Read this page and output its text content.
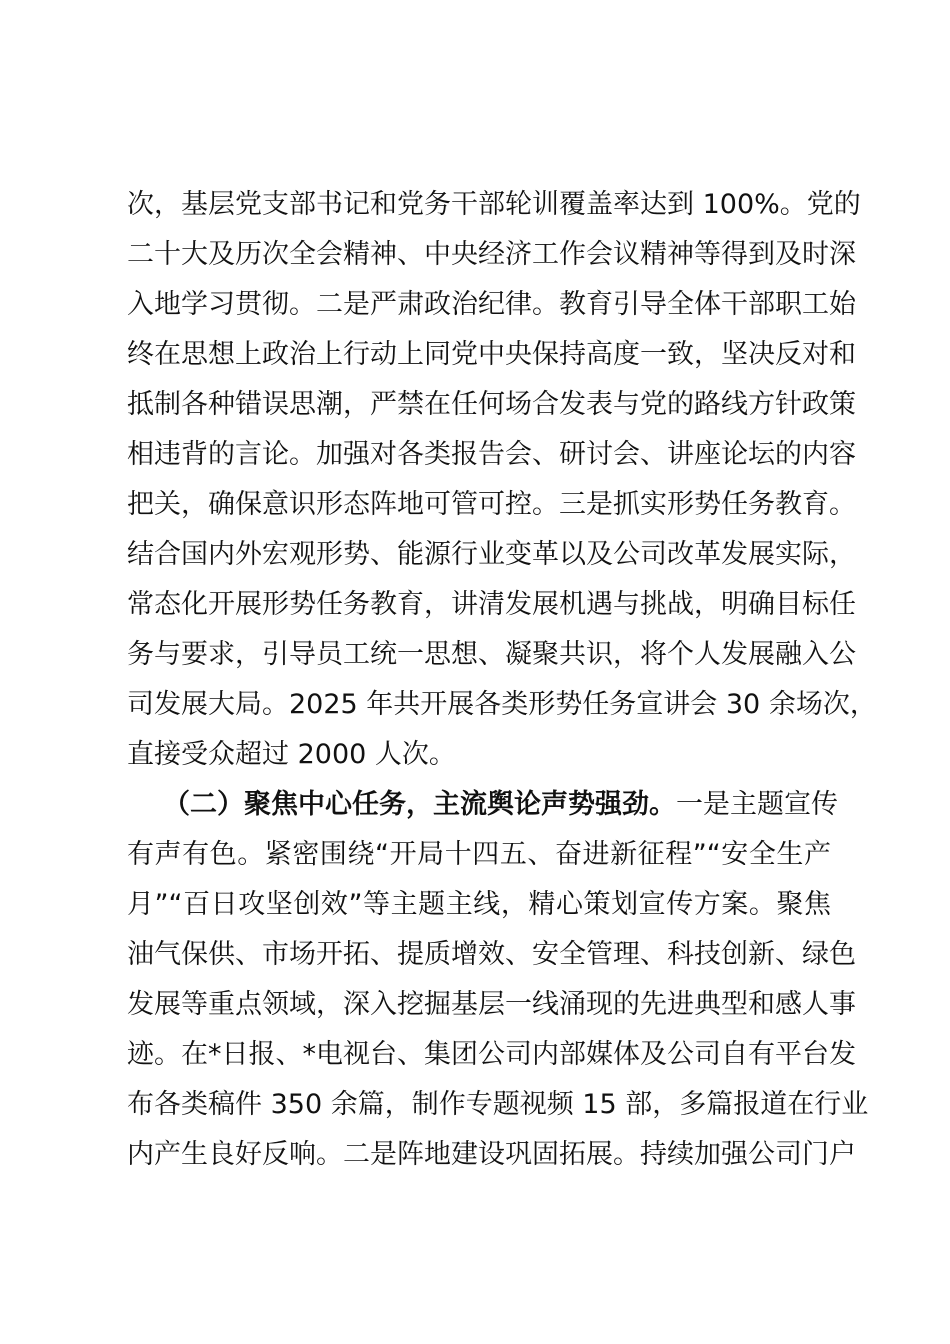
次，基层党支部书记和党务干部轮训覆盖率达到 100%。党的
二十大及历次全会精神、中央经济工作会议精神等得到及时深
入地学习贯彻。二是严肃政治纪律。教育引导全体干部职工始
终在思想上政治上行动上同党中央保持高度一致，坚决反对和
抵制各种错误思潮，严禁在任何场合发表与党的路线方针政策
相违背的言论。加强对各类报告会、研讨会、讲座论坛的内容
把关，确保意识形态阵地可管可控。三是抓实形势任务教育。
结合国内外宏观形势、能源行业变革以及公司改革发展实际，
常态化开展形势任务教育，讲清发展机遇与挑战，明确目标任
务与要求，引导员工统一思想、凝聚共识，将个人发展融入公
司发展大局。2025 年共开展各类形势任务宣讲会 30 余场次，
直接受众超过 2000 人次。
（二）聚焦中心任务，主流舆论声势强劲。一是主题宣传
有声有色。紧密围绕“开局十四五、奋进新征程”“安全生产
月”“百日攻坚创效”等主题主线，精心策划宣传方案。聚焦
油气保供、市场开拓、提质增效、安全管理、科技创新、绿色
发展等重点领域，深入挖掘基层一线涌现的先进典型和感人事
迹。在*日报、*电视台、集团公司内部媒体及公司自有平台发
布各类稿件 350 余篇，制作专题视频 15 部，多篇报道在行业
内产生良好反响。二是阵地建设巩固拓展。持续加强公司门户
